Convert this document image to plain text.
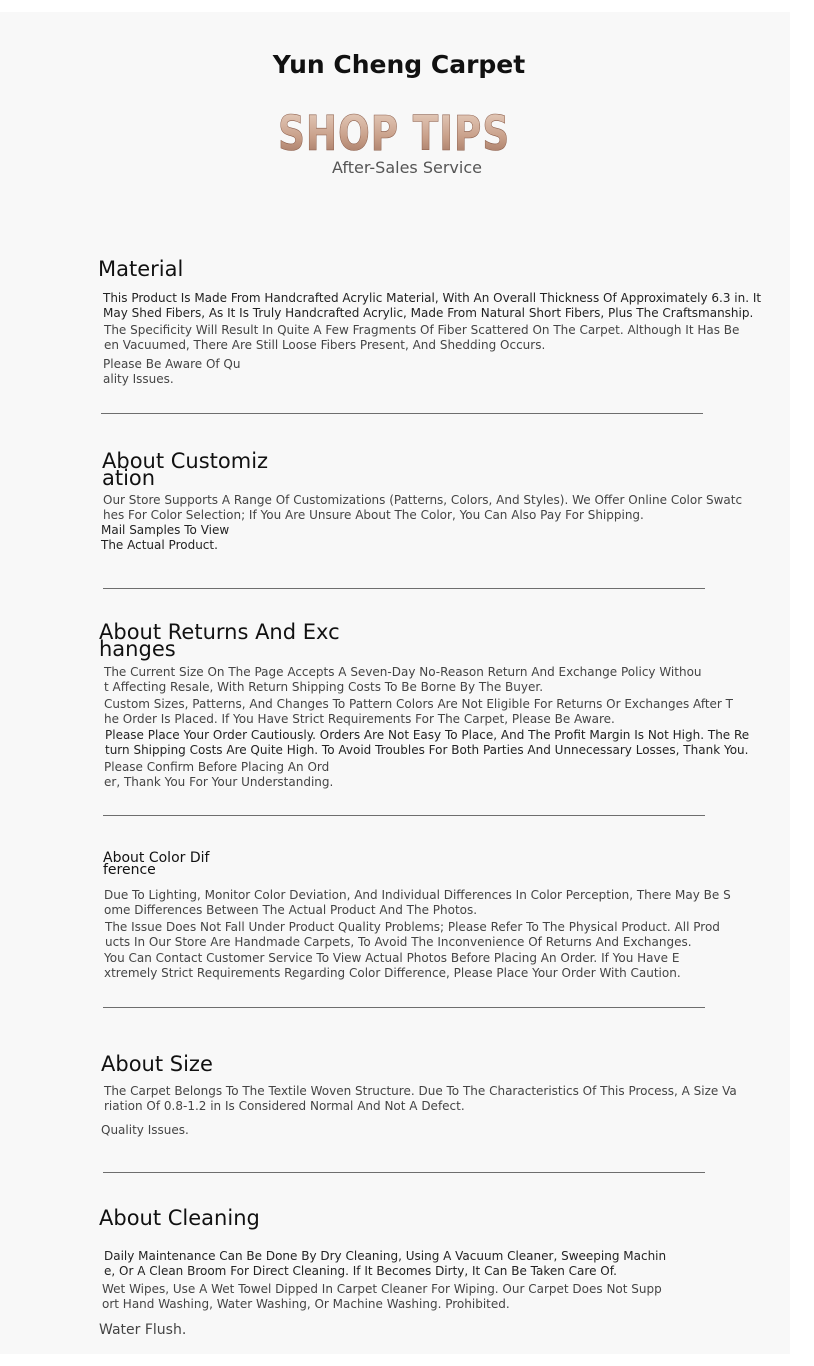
Yun Cheng Carpet
SHOP TIPS
After-Sales Service
Material

This Product Is Made From Handcrafted Acrylic Material, With An Overall Thickness Of Approximately 6.3 in. It
May Shed Fibers, As It Is Truly Handcrafted Acrylic, Made From Natural Short Fibers, Plus The Craftsmanship.

The Specificity Will Result In Quite A Few Fragments Of Fiber Scattered On The Carpet. Although It Has Be
en Vacuumed, There Are Still Loose Fibers Present, And Shedding Occurs.

Please Be Aware Of Qu
ality Issues.

About Customiz
ation

Our Store Supports A Range Of Customizations (Patterns, Colors, And Styles). We Offer Online Color Swatc
hes For Color Selection; If You Are Unsure About The Color, You Can Also Pay For Shipping.

Mail Samples To View
The Actual Product.

About Returns And Exc
hanges

The Current Size On The Page Accepts A Seven-Day No-Reason Return And Exchange Policy Withou
t Affecting Resale, With Return Shipping Costs To Be Borne By The Buyer.

Custom Sizes, Patterns, And Changes To Pattern Colors Are Not Eligible For Returns Or Exchanges After T
he Order Is Placed. If You Have Strict Requirements For The Carpet, Please Be Aware.

Please Place Your Order Cautiously. Orders Are Not Easy To Place, And The Profit Margin Is Not High. The Re
turn Shipping Costs Are Quite High. To Avoid Troubles For Both Parties And Unnecessary Losses, Thank You.

Please Confirm Before Placing An Ord
er, Thank You For Your Understanding.

About Color Dif
ference

Due To Lighting, Monitor Color Deviation, And Individual Differences In Color Perception, There May Be S
ome Differences Between The Actual Product And The Photos.

The Issue Does Not Fall Under Product Quality Problems; Please Refer To The Physical Product. All Prod
ucts In Our Store Are Handmade Carpets, To Avoid The Inconvenience Of Returns And Exchanges.

You Can Contact Customer Service To View Actual Photos Before Placing An Order. If You Have E
xtremely Strict Requirements Regarding Color Difference, Please Place Your Order With Caution.

About Size

The Carpet Belongs To The Textile Woven Structure. Due To The Characteristics Of This Process, A Size Va
riation Of 0.8-1.2 in Is Considered Normal And Not A Defect.

Quality Issues.

About Cleaning

Daily Maintenance Can Be Done By Dry Cleaning, Using A Vacuum Cleaner, Sweeping Machin
e, Or A Clean Broom For Direct Cleaning. If It Becomes Dirty, It Can Be Taken Care Of.

Wet Wipes, Use A Wet Towel Dipped In Carpet Cleaner For Wiping. Our Carpet Does Not Supp
ort Hand Washing, Water Washing, Or Machine Washing. Prohibited.

Water Flush.
